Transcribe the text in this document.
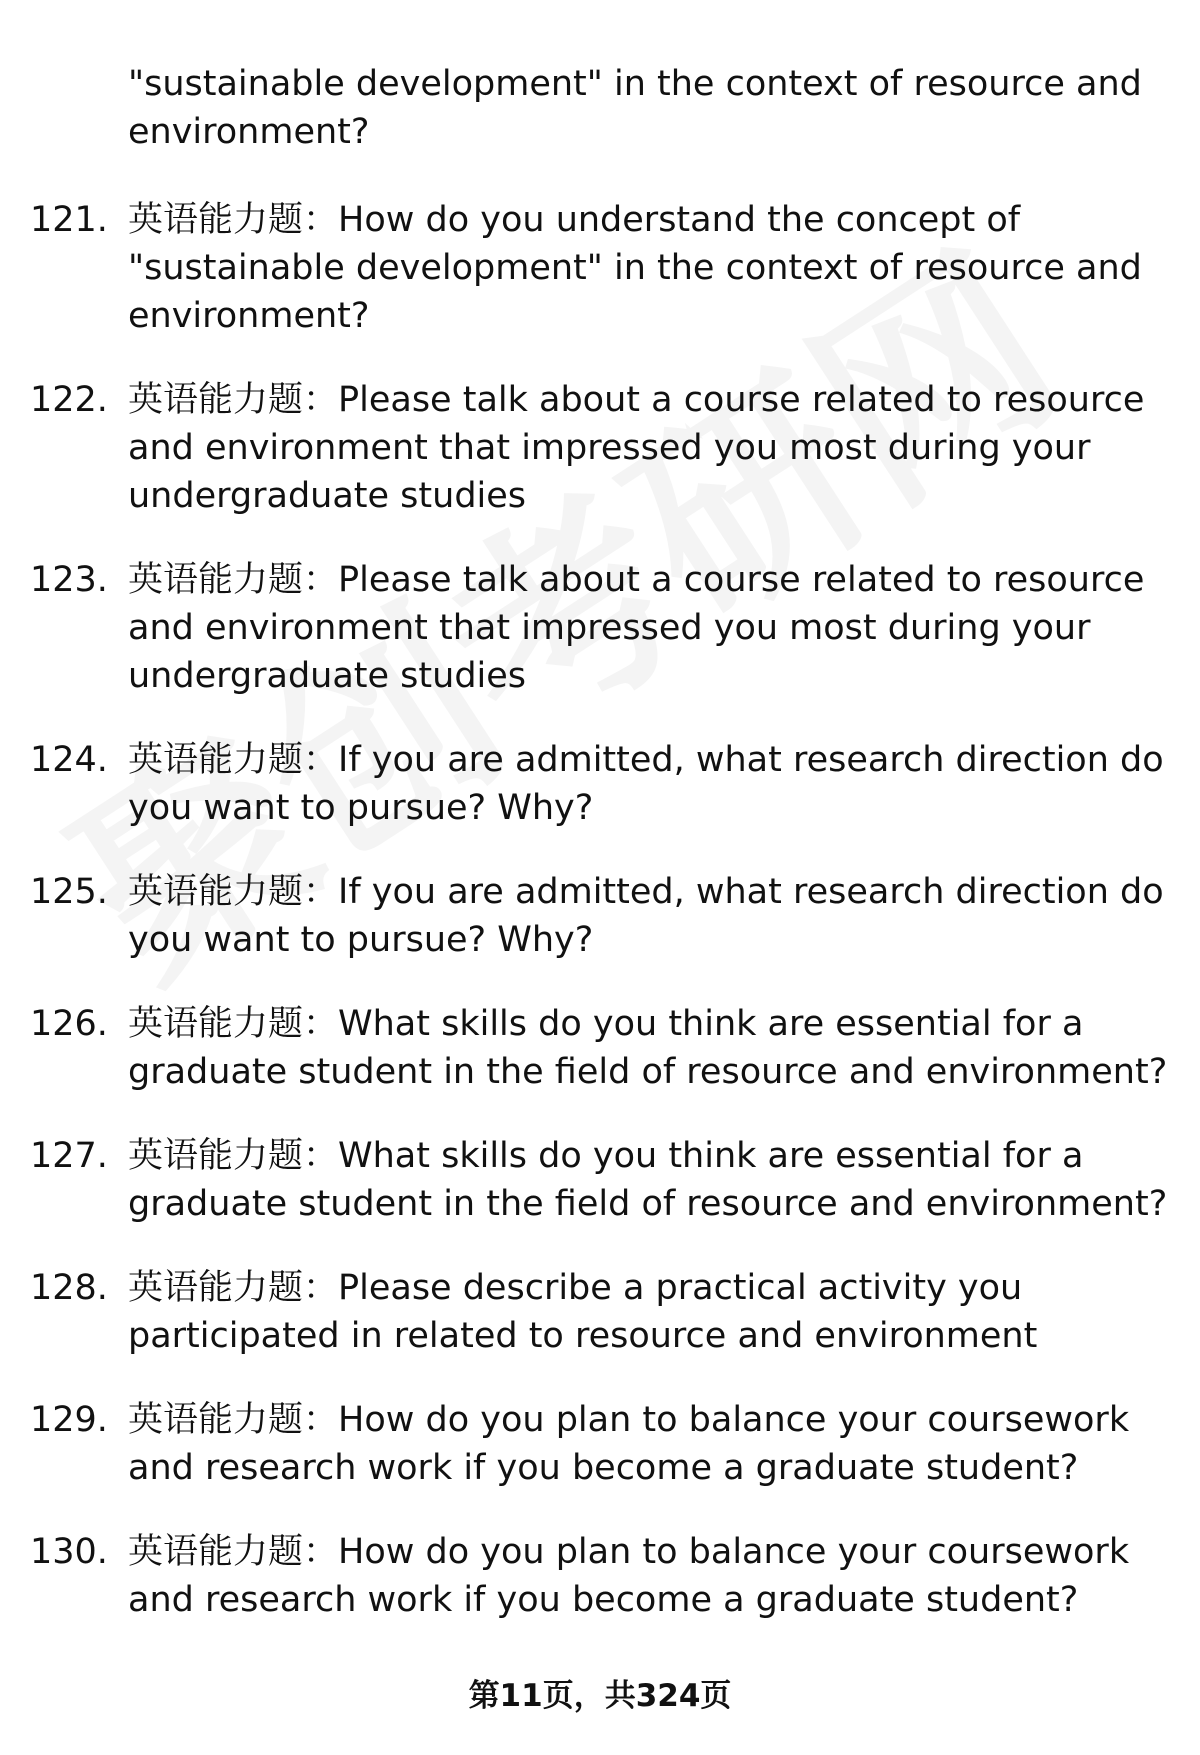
"sustainable development" in the context of resource and environment?
121. 英语能力题：How do you understand the concept of "sustainable development" in the context of resource and environment?
122. 英语能力题：Please talk about a course related to resource and environment that impressed you most during your undergraduate studies
123. 英语能力题：Please talk about a course related to resource and environment that impressed you most during your undergraduate studies
124. 英语能力题：If you are admitted, what research direction do you want to pursue? Why?
125. 英语能力题：If you are admitted, what research direction do you want to pursue? Why?
126. 英语能力题：What skills do you think are essential for a graduate student in the field of resource and environment?
127. 英语能力题：What skills do you think are essential for a graduate student in the field of resource and environment?
128. 英语能力题：Please describe a practical activity you participated in related to resource and environment
129. 英语能力题：How do you plan to balance your coursework and research work if you become a graduate student?
130. 英语能力题：How do you plan to balance your coursework and research work if you become a graduate student?
第11页，共324页
